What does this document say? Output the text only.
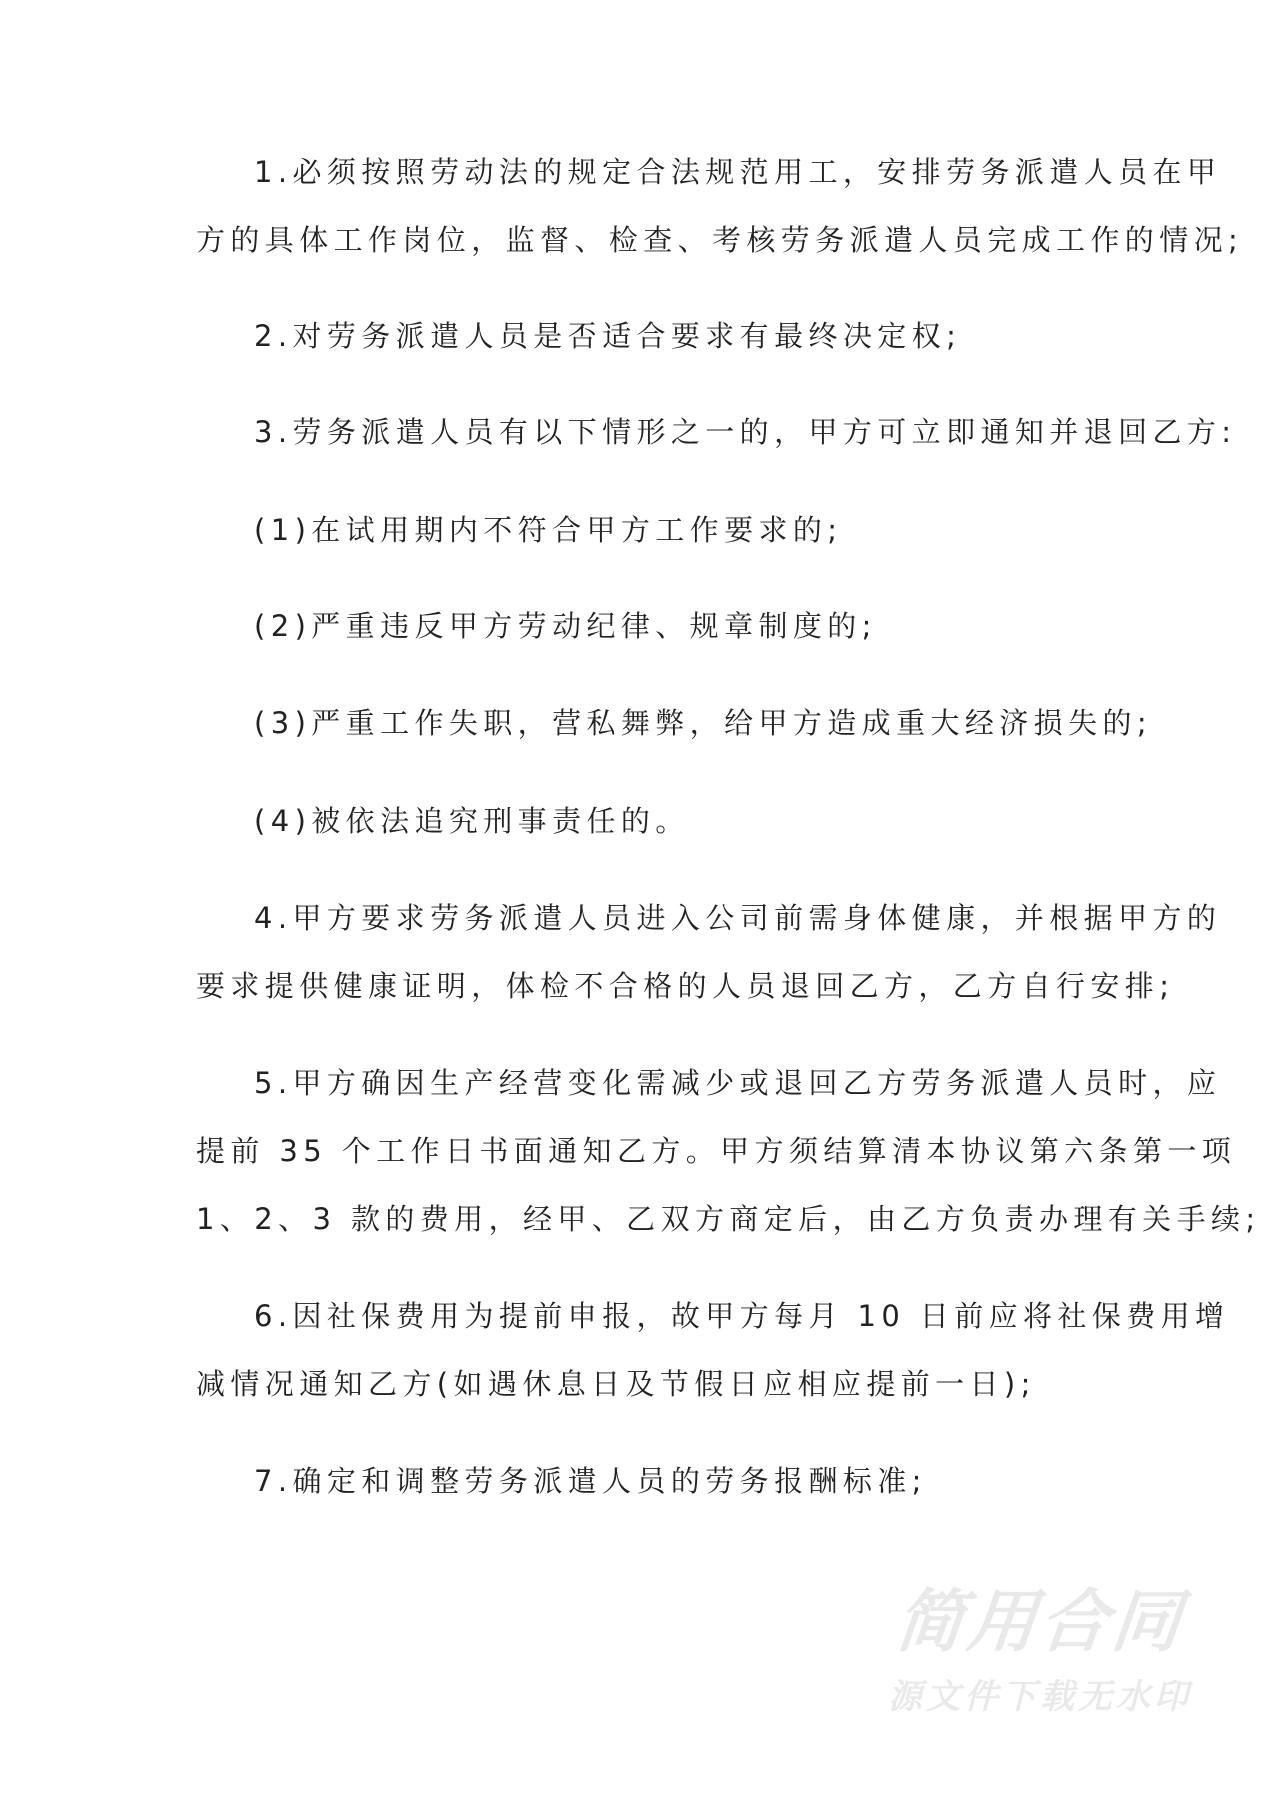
1.必须按照劳动法的规定合法规范用工，安排劳务派遣人员在甲
方的具体工作岗位，监督、检查、考核劳务派遣人员完成工作的情况;
2.对劳务派遣人员是否适合要求有最终决定权;
3.劳务派遣人员有以下情形之一的，甲方可立即通知并退回乙方:
(1)在试用期内不符合甲方工作要求的;
(2)严重违反甲方劳动纪律、规章制度的;
(3)严重工作失职，营私舞弊，给甲方造成重大经济损失的;
(4)被依法追究刑事责任的。
4.甲方要求劳务派遣人员进入公司前需身体健康，并根据甲方的
要求提供健康证明，体检不合格的人员退回乙方，乙方自行安排;
5.甲方确因生产经营变化需减少或退回乙方劳务派遣人员时，应
提前 35 个工作日书面通知乙方。甲方须结算清本协议第六条第一项
1、2、3 款的费用，经甲、乙双方商定后，由乙方负责办理有关手续;
6.因社保费用为提前申报，故甲方每月 10 日前应将社保费用增
减情况通知乙方(如遇休息日及节假日应相应提前一日);
7.确定和调整劳务派遣人员的劳务报酬标准;
简用合同
源文件下载无水印
